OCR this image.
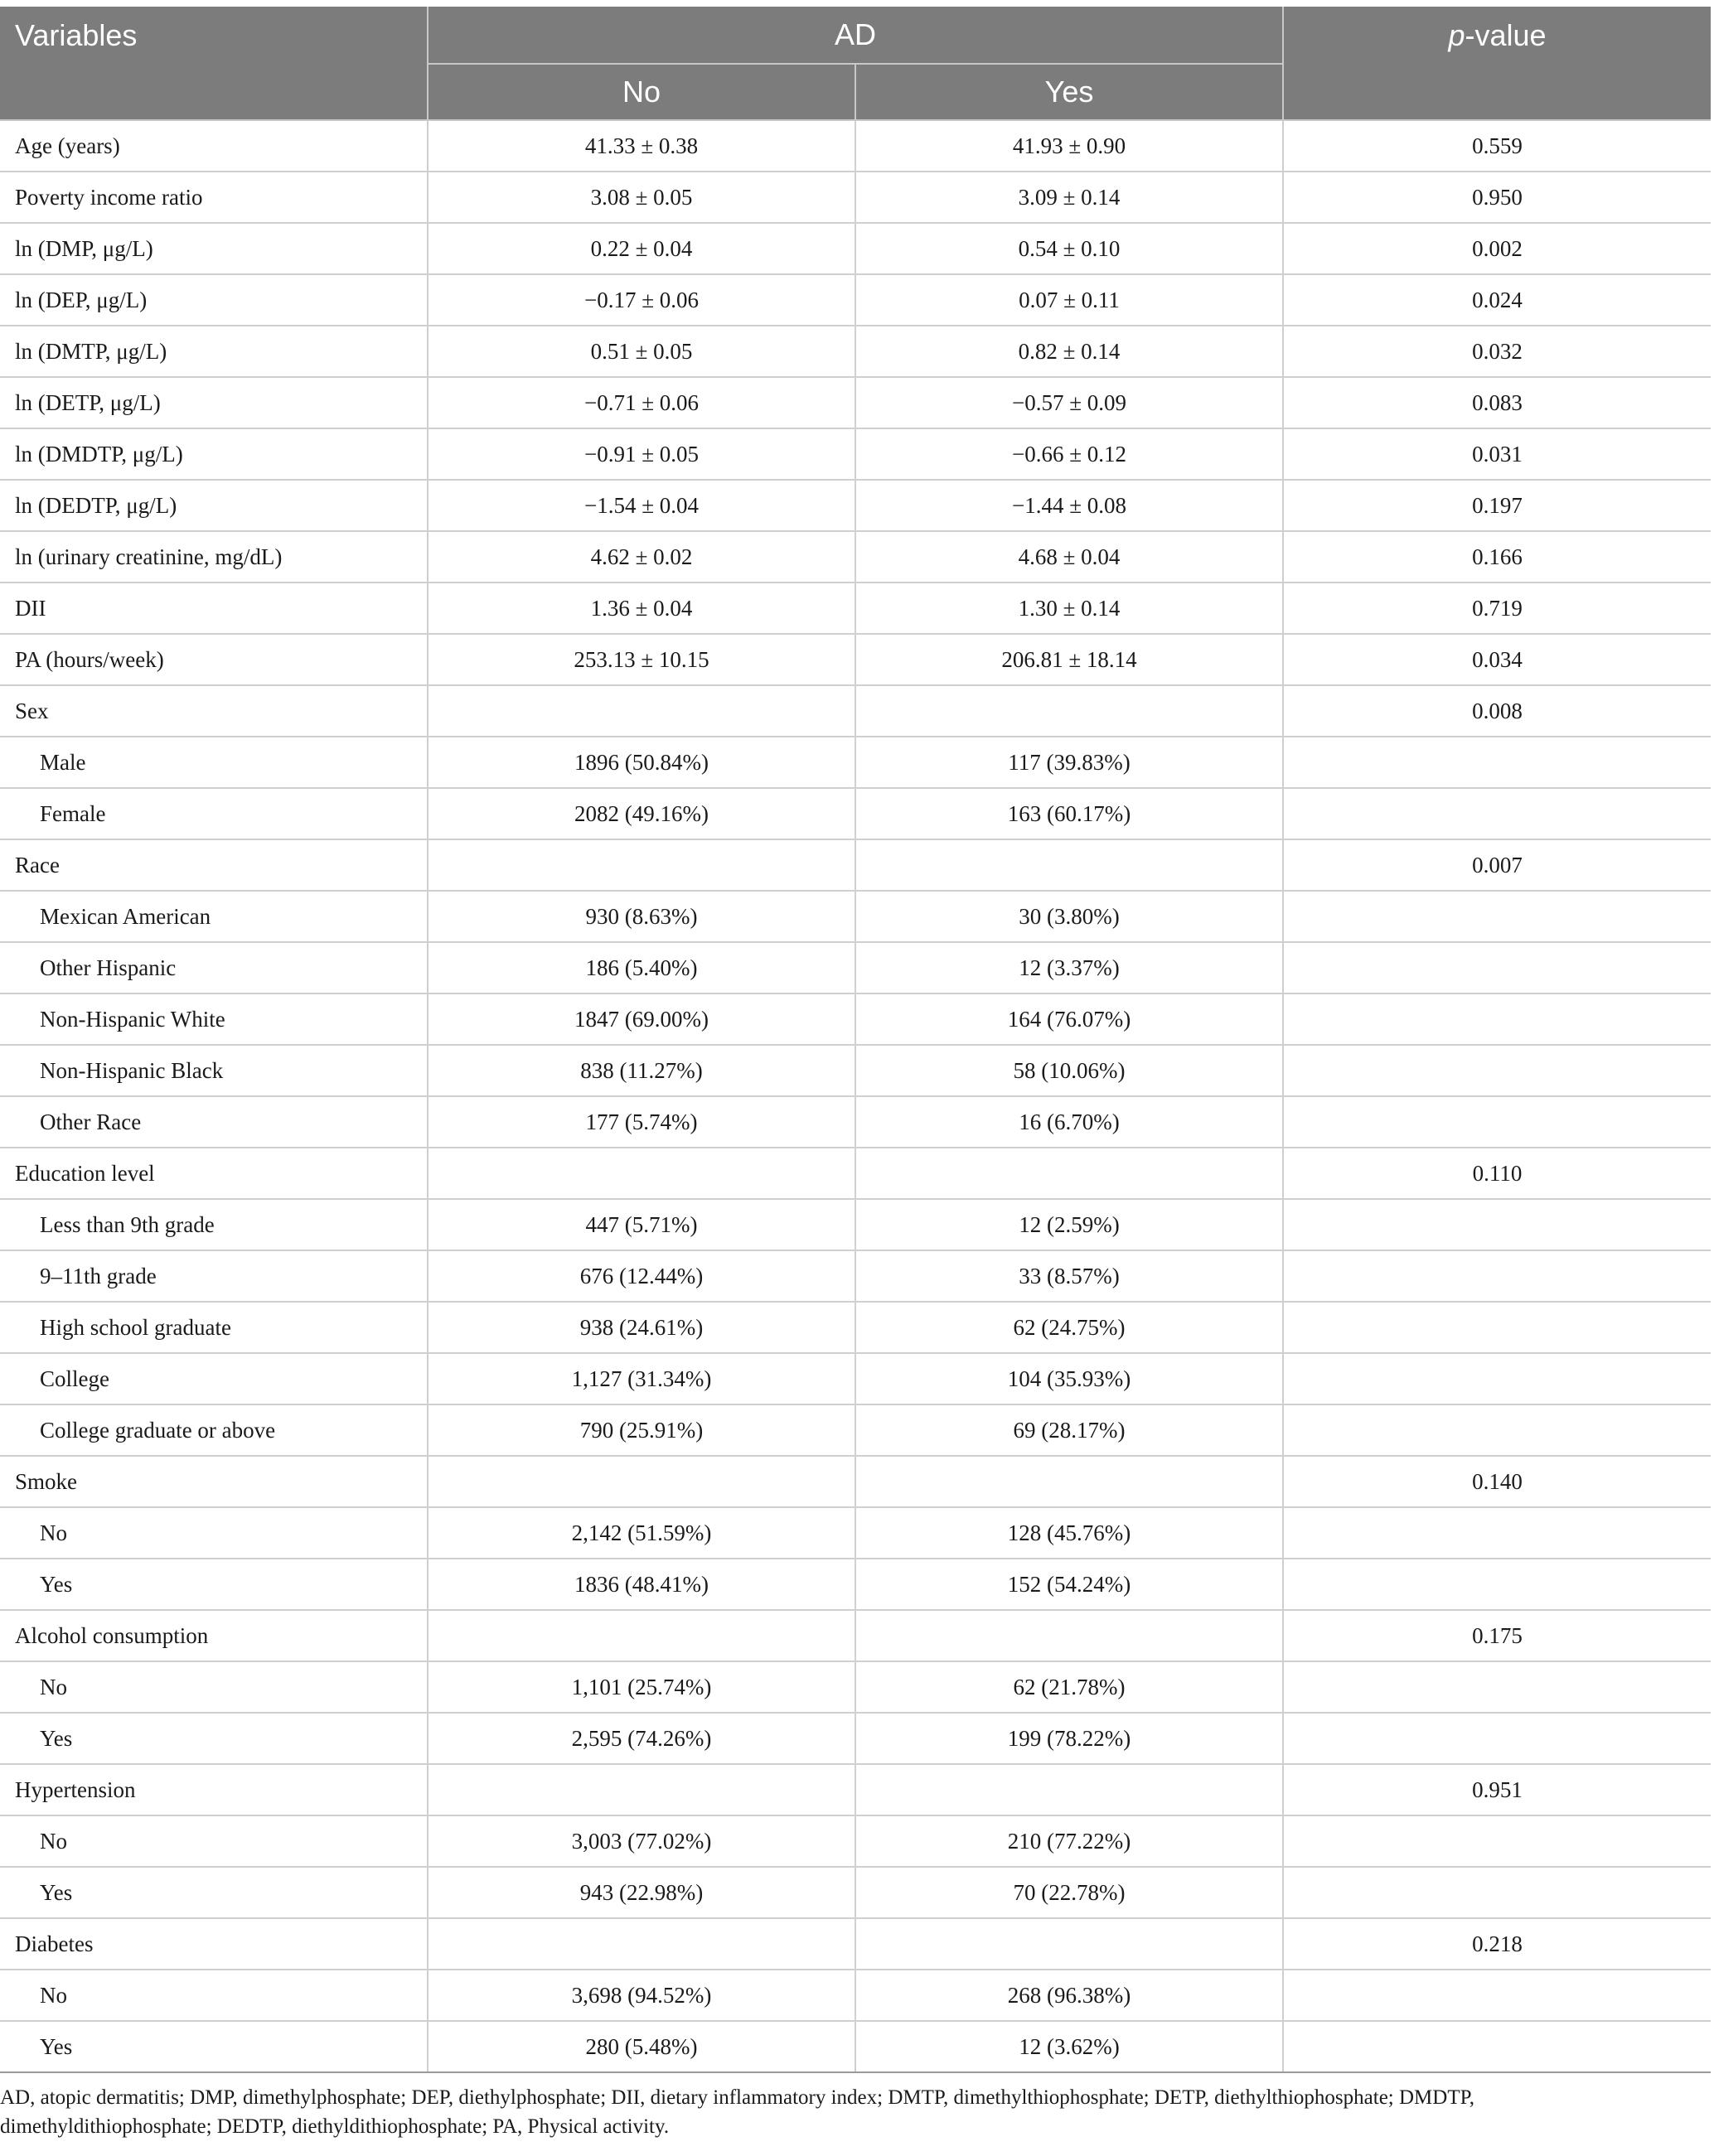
Variables	AD		p-value
	No	Yes	
Age (years)	41.33 ± 0.38	41.93 ± 0.90	0.559
Poverty income ratio	3.08 ± 0.05	3.09 ± 0.14	0.950
ln (DMP, μg/L)	0.22 ± 0.04	0.54 ± 0.10	0.002
ln (DEP, μg/L)	−0.17 ± 0.06	0.07 ± 0.11	0.024
ln (DMTP, μg/L)	0.51 ± 0.05	0.82 ± 0.14	0.032
ln (DETP, μg/L)	−0.71 ± 0.06	−0.57 ± 0.09	0.083
ln (DMDTP, μg/L)	−0.91 ± 0.05	−0.66 ± 0.12	0.031
ln (DEDTP, μg/L)	−1.54 ± 0.04	−1.44 ± 0.08	0.197
ln (urinary creatinine, mg/dL)	4.62 ± 0.02	4.68 ± 0.04	0.166
DII	1.36 ± 0.04	1.30 ± 0.14	0.719
PA (hours/week)	253.13 ± 10.15	206.81 ± 18.14	0.034
Sex			0.008
Male	1896 (50.84%)	117 (39.83%)	
Female	2082 (49.16%)	163 (60.17%)	
Race			0.007
Mexican American	930 (8.63%)	30 (3.80%)	
Other Hispanic	186 (5.40%)	12 (3.37%)	
Non-Hispanic White	1847 (69.00%)	164 (76.07%)	
Non-Hispanic Black	838 (11.27%)	58 (10.06%)	
Other Race	177 (5.74%)	16 (6.70%)	
Education level			0.110
Less than 9th grade	447 (5.71%)	12 (2.59%)	
9–11th grade	676 (12.44%)	33 (8.57%)	
High school graduate	938 (24.61%)	62 (24.75%)	
College	1,127 (31.34%)	104 (35.93%)	
College graduate or above	790 (25.91%)	69 (28.17%)	
Smoke			0.140
No	2,142 (51.59%)	128 (45.76%)	
Yes	1836 (48.41%)	152 (54.24%)	
Alcohol consumption			0.175
No	1,101 (25.74%)	62 (21.78%)	
Yes	2,595 (74.26%)	199 (78.22%)	
Hypertension			0.951
No	3,003 (77.02%)	210 (77.22%)	
Yes	943 (22.98%)	70 (22.78%)	
Diabetes			0.218
No	3,698 (94.52%)	268 (96.38%)	
Yes	280 (5.48%)	12 (3.62%)	

AD, atopic dermatitis; DMP, dimethylphosphate; DEP, diethylphosphate; DII, dietary inflammatory index; DMTP, dimethylthiophosphate; DETP, diethylthiophosphate; DMDTP,

dimethyldithiophosphate; DEDTP, diethyldithiophosphate; PA, Physical activity.
